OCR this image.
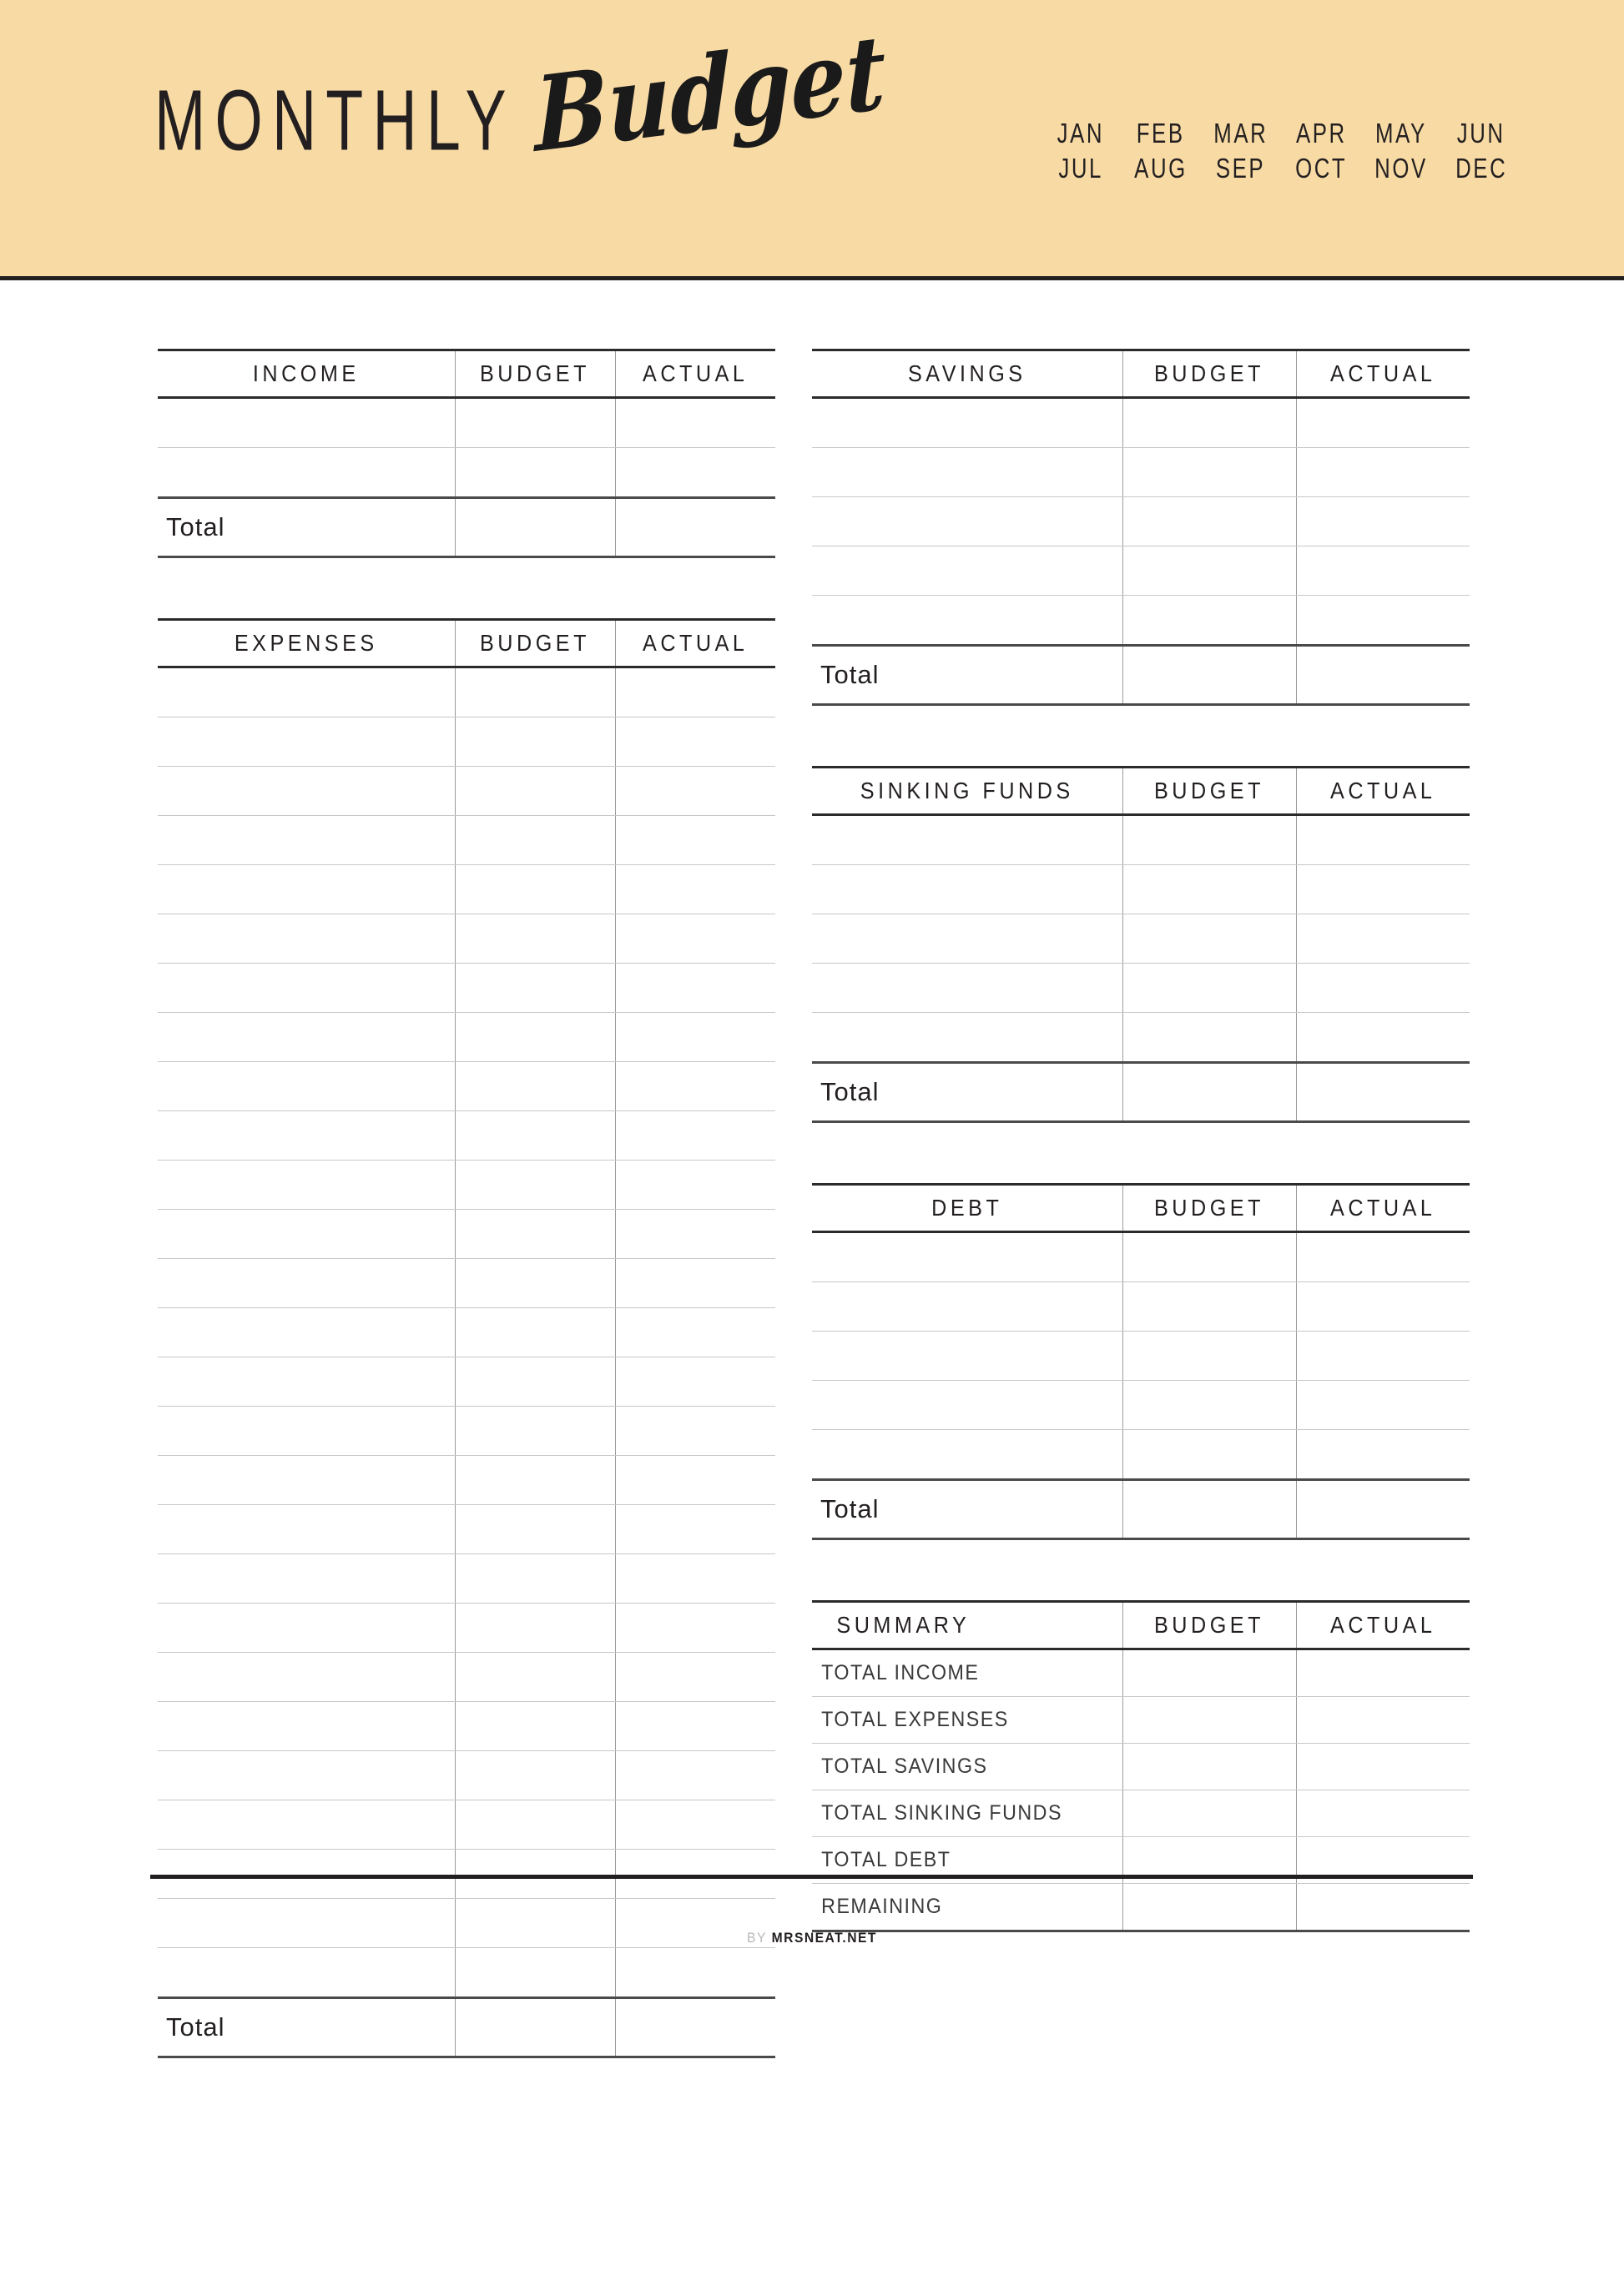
MONTHLY Budget	JAN FEB MAR APR MAY JUN
JUL AUG SEP OCT NOV DEC
INCOME	BUDGET	ACTUAL

Total		
EXPENSES	BUDGET	ACTUAL

Total		
SAVINGS	BUDGET	ACTUAL

Total		
SINKING FUNDS	BUDGET	ACTUAL

Total		
DEBT	BUDGET	ACTUAL

Total		
SUMMARY	BUDGET	ACTUAL
TOTAL INCOME		
TOTAL EXPENSES		
TOTAL SAVINGS		
TOTAL SINKING FUNDS		
TOTAL DEBT		
REMAINING		

BY MRSNEAT.NET
